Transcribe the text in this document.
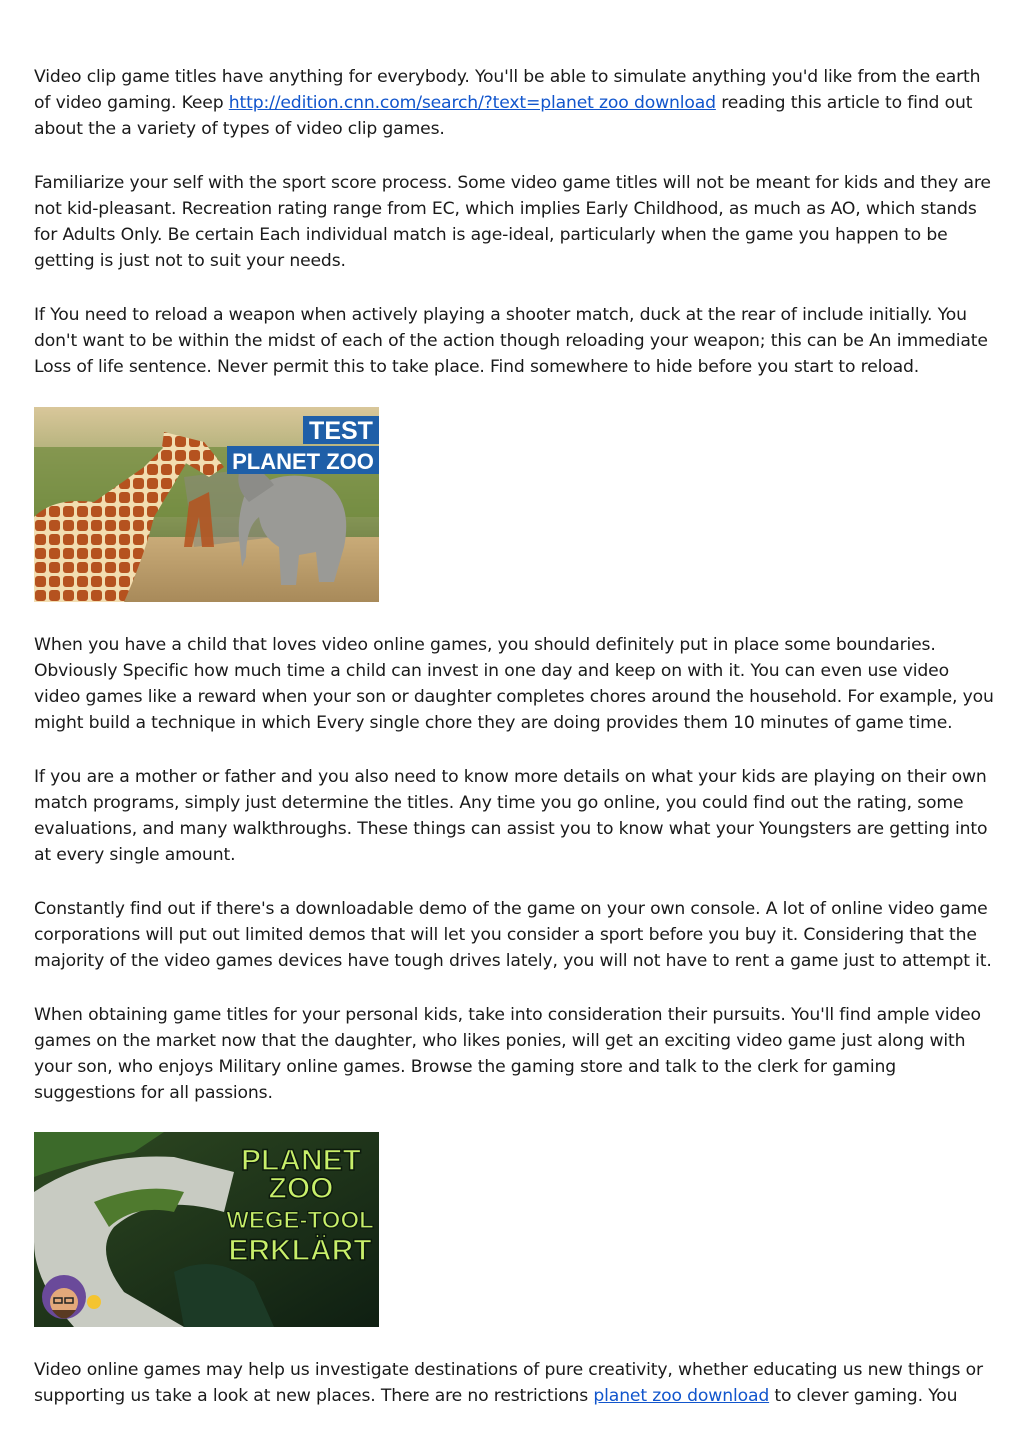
Video clip game titles have anything for everybody. You'll be able to simulate anything you'd like from the earth of video gaming. Keep http://edition.cnn.com/search/?text=planet zoo download reading this article to find out about the a variety of types of video clip games.

Familiarize your self with the sport score process. Some video game titles will not be meant for kids and they are not kid-pleasant. Recreation rating range from EC, which implies Early Childhood, as much as AO, which stands for Adults Only. Be certain Each individual match is age-ideal, particularly when the game you happen to be getting is just not to suit your needs.

If You need to reload a weapon when actively playing a shooter match, duck at the rear of include initially. You don't want to be within the midst of each of the action though reloading your weapon; this can be An immediate Loss of life sentence. Never permit this to take place. Find somewhere to hide before you start to reload.

TEST
PLANET ZOO

When you have a child that loves video online games, you should definitely put in place some boundaries. Obviously Specific how much time a child can invest in one day and keep on with it. You can even use video video games like a reward when your son or daughter completes chores around the household. For example, you might build a technique in which Every single chore they are doing provides them 10 minutes of game time.

If you are a mother or father and you also need to know more details on what your kids are playing on their own match programs, simply just determine the titles. Any time you go online, you could find out the rating, some evaluations, and many walkthroughs. These things can assist you to know what your Youngsters are getting into at every single amount.

Constantly find out if there's a downloadable demo of the game on your own console. A lot of online video game corporations will put out limited demos that will let you consider a sport before you buy it. Considering that the majority of the video games devices have tough drives lately, you will not have to rent a game just to attempt it.

When obtaining game titles for your personal kids, take into consideration their pursuits. You'll find ample video games on the market now that the daughter, who likes ponies, will get an exciting video game just along with your son, who enjoys Military online games. Browse the gaming store and talk to the clerk for gaming suggestions for all passions.

PLANET
ZOO
WEGE-TOOL
ERKLÄRT

Video online games may help us investigate destinations of pure creativity, whether educating us new things or supporting us take a look at new places. There are no restrictions planet zoo download to clever gaming. You
